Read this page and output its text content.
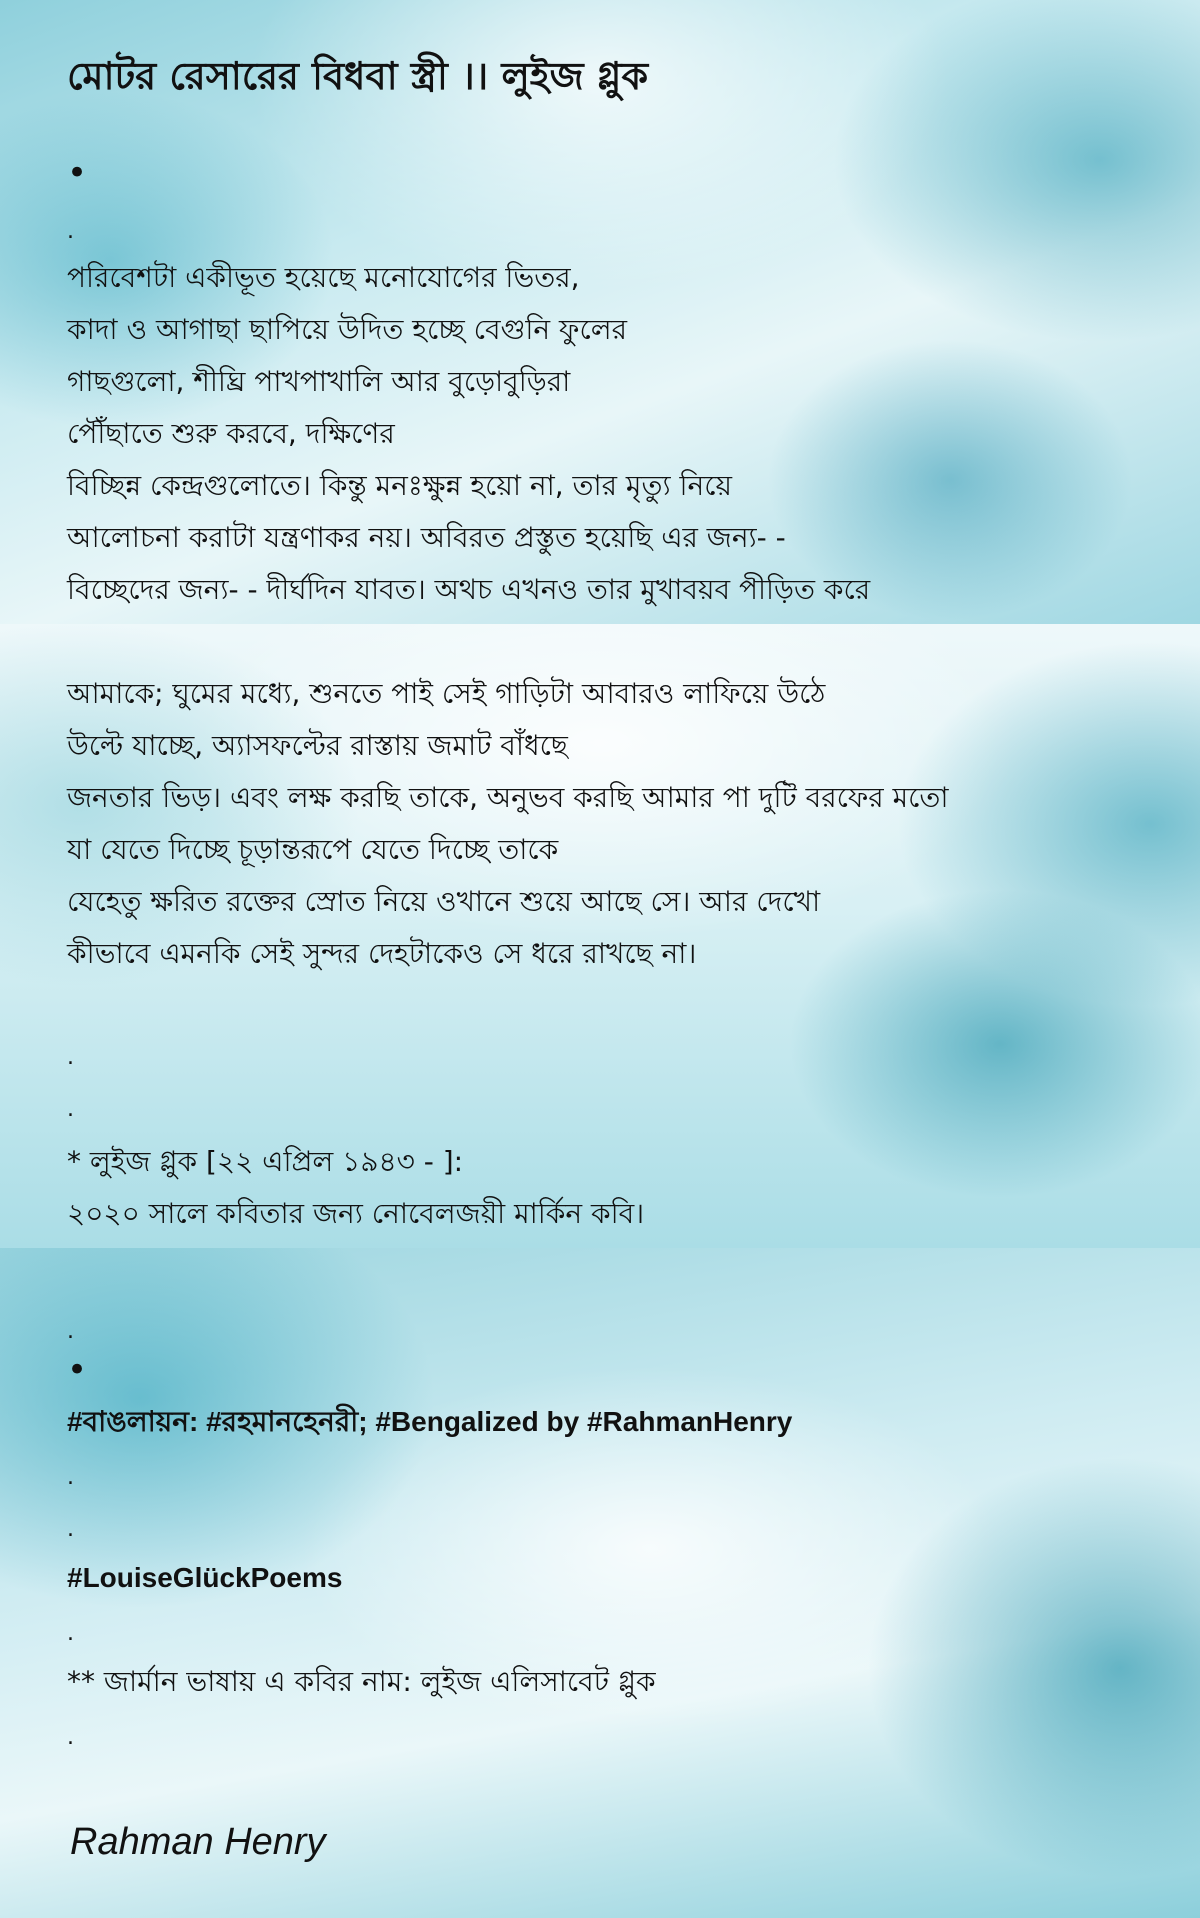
মোটর রেসারের বিধবা স্ত্রী ।। লুইজ গ্লুক
•
.
পরিবেশটা একীভূত হয়েছে মনোযোগের ভিতর,
কাদা ও আগাছা ছাপিয়ে উদিত হচ্ছে বেগুনি ফুলের
গাছগুলো, শীঘ্রি পাখপাখালি আর বুড়োবুড়িরা
পৌঁছাতে শুরু করবে, দক্ষিণের
বিচ্ছিন্ন কেন্দ্রগুলোতে। কিন্তু মনঃক্ষুন্ন হয়ো না, তার মৃত্যু নিয়ে
আলোচনা করাটা যন্ত্রণাকর নয়। অবিরত প্রস্তুত হয়েছি এর জন্য- -
বিচ্ছেদের জন্য- - দীর্ঘদিন যাবত। অথচ এখনও তার মুখাবয়ব পীড়িত করে
আমাকে; ঘুমের মধ্যে, শুনতে পাই সেই গাড়িটা আবারও লাফিয়ে উঠে
উল্টে যাচ্ছে, অ্যাসফল্টের রাস্তায় জমাট বাঁধছে
জনতার ভিড়। এবং লক্ষ করছি তাকে, অনুভব করছি আমার পা দুটি বরফের মতো
যা যেতে দিচ্ছে চূড়ান্তরূপে যেতে দিচ্ছে তাকে
যেহেতু ক্ষরিত রক্তের স্রোত নিয়ে ওখানে শুয়ে আছে সে। আর দেখো
কীভাবে এমনকি সেই সুন্দর দেহটাকেও সে ধরে রাখছে না।
.
.
* লুইজ গ্লুক [২২ এপ্রিল ১৯৪৩ - ]:
২০২০ সালে কবিতার জন্য নোবেলজয়ী মার্কিন কবি।
.
•
#বাঙলায়ন: #রহমানহেনরী; #Bengalized by #RahmanHenry
.
.
#LouiseGlückPoems
.
** জার্মান ভাষায় এ কবির নাম: লুইজ এলিসাবেট গ্লুক
.
Rahman Henry
